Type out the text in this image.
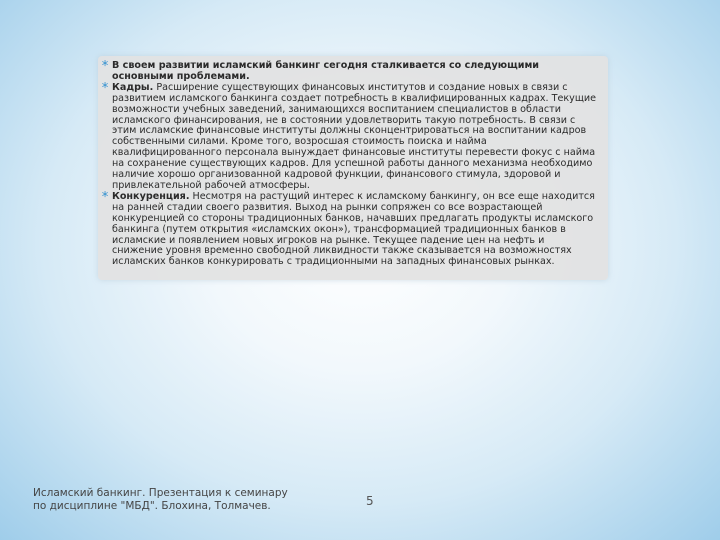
* В своем развитии исламский банкинг сегодня сталкивается со следующими основными проблемами.
* Кадры. Расширение существующих финансовых институтов и создание новых в связи с развитием исламского банкинга создает потребность в квалифицированных кадрах. Текущие возможности учебных заведений, занимающихся воспитанием специалистов в области исламского финансирования, не в состоянии удовлетворить такую потребность. В связи с этим исламские финансовые институты должны сконцентрироваться на воспитании кадров собственными силами. Кроме того, возросшая стоимость поиска и найма квалифицированного персонала вынуждает финансовые институты перевести фокус с найма на сохранение существующих кадров. Для успешной работы данного механизма необходимо наличие хорошо организованной кадровой функции, финансового стимула, здоровой и привлекательной рабочей атмосферы.
* Конкуренция. Несмотря на растущий интерес к исламскому банкингу, он все еще находится на ранней стадии своего развития. Выход на рынки сопряжен со все возрастающей конкуренцией со стороны традиционных банков, начавших предлагать продукты исламского банкинга (путем открытия «исламских окон»), трансформацией традиционных банков в исламские и появлением новых игроков на рынке. Текущее падение цен на нефть и снижение уровня временно свободной ликвидности также сказывается на возможностях исламских банков конкурировать с традиционными на западных финансовых рынках.
Исламский банкинг. Презентация к семинару
по дисциплине "МБД". Блохина, Толмачев.	5
